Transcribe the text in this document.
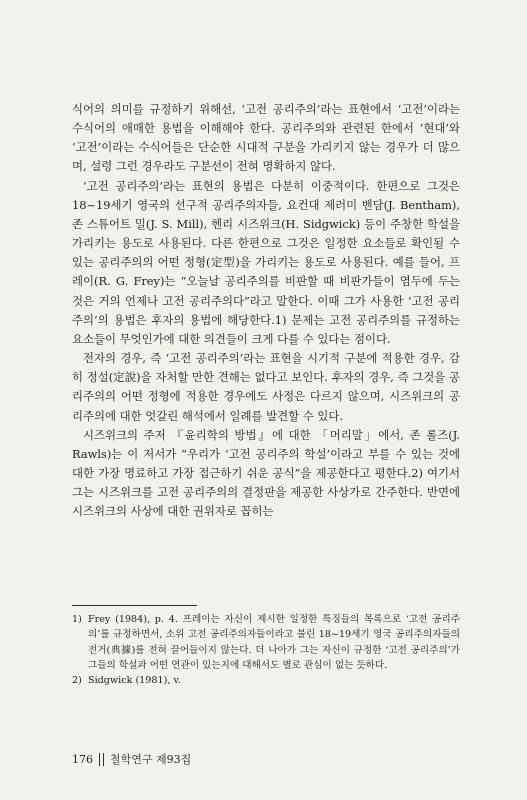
식어의 의미를 규정하기 위해선, ‘고전 공리주의’라는 표현에서 ‘고전’이라는 수식어의 애매한 용법을 이해해야 한다. 공리주의와 관련된 한에서 ‘현대’와 ‘고전’이라는 수식어들은 단순한 시대적 구분을 가리키지 않는 경우가 더 많으며, 설령 그런 경우라도 구분선이 전혀 명확하지 않다.

‘고전 공리주의’라는 표현의 용법은 다분히 이중적이다. 한편으로 그것은 18~19세기 영국의 선구적 공리주의자들, 요컨대 제러미 벤담(J. Bentham), 존 스튜어트 밀(J. S. Mill), 헨리 시즈위크(H. Sidgwick) 등이 주창한 학설을 가리키는 용도로 사용된다. 다른 한편으로 그것은 일정한 요소들로 확인될 수 있는 공리주의의 어떤 정형(定型)을 가리키는 용도로 사용된다. 예를 들어, 프레이(R. G. Frey)는 “오늘날 공리주의를 비판할 때 비판가들이 염두에 두는 것은 거의 언제나 고전 공리주의다”라고 말한다. 이때 그가 사용한 ‘고전 공리주의’의 용법은 후자의 용법에 해당한다.1) 문제는 고전 공리주의를 규정하는 요소들이 무엇인가에 대한 의견들이 크게 다를 수 있다는 점이다.

전자의 경우, 즉 ‘고전 공리주의’라는 표현을 시기적 구분에 적용한 경우, 감히 정설(定說)을 자처할 만한 견해는 없다고 보인다. 후자의 경우, 즉 그것을 공리주의의 어떤 정형에 적용한 경우에도 사정은 다르지 않으며, 시즈위크의 공리주의에 대한 엇갈린 해석에서 일례를 발견할 수 있다.

시즈위크의 주저 『윤리학의 방법』에 대한 「머리말」에서, 존 롤즈(J. Rawls)는 이 저서가 “우리가 ‘고전 공리주의 학설’이라고 부를 수 있는 것에 대한 가장 명료하고 가장 접근하기 쉬운 공식”을 제공한다고 평한다.2) 여기서 그는 시즈위크를 고전 공리주의의 결정판을 제공한 사상가로 간주한다. 반면에 시즈위크의 사상에 대한 권위자로 꼽히는

1) Frey (1984), p. 4. 프레이는 자신이 제시한 일정한 특징들의 목록으로 ‘고전 공리주의’를 규정하면서, 소위 고전 공리주의자들이라고 불린 18~19세기 영국 공리주의자들의 전거(典據)를 전혀 끌어들이지 않는다. 더 나아가 그는 자신이 규정한 ‘고전 공리주의’가 그들의 학설과 어떤 연관이 있는지에 대해서도 별로 관심이 없는 듯하다.
2) Sidgwick (1981), v.
176 철학연구 제93집
